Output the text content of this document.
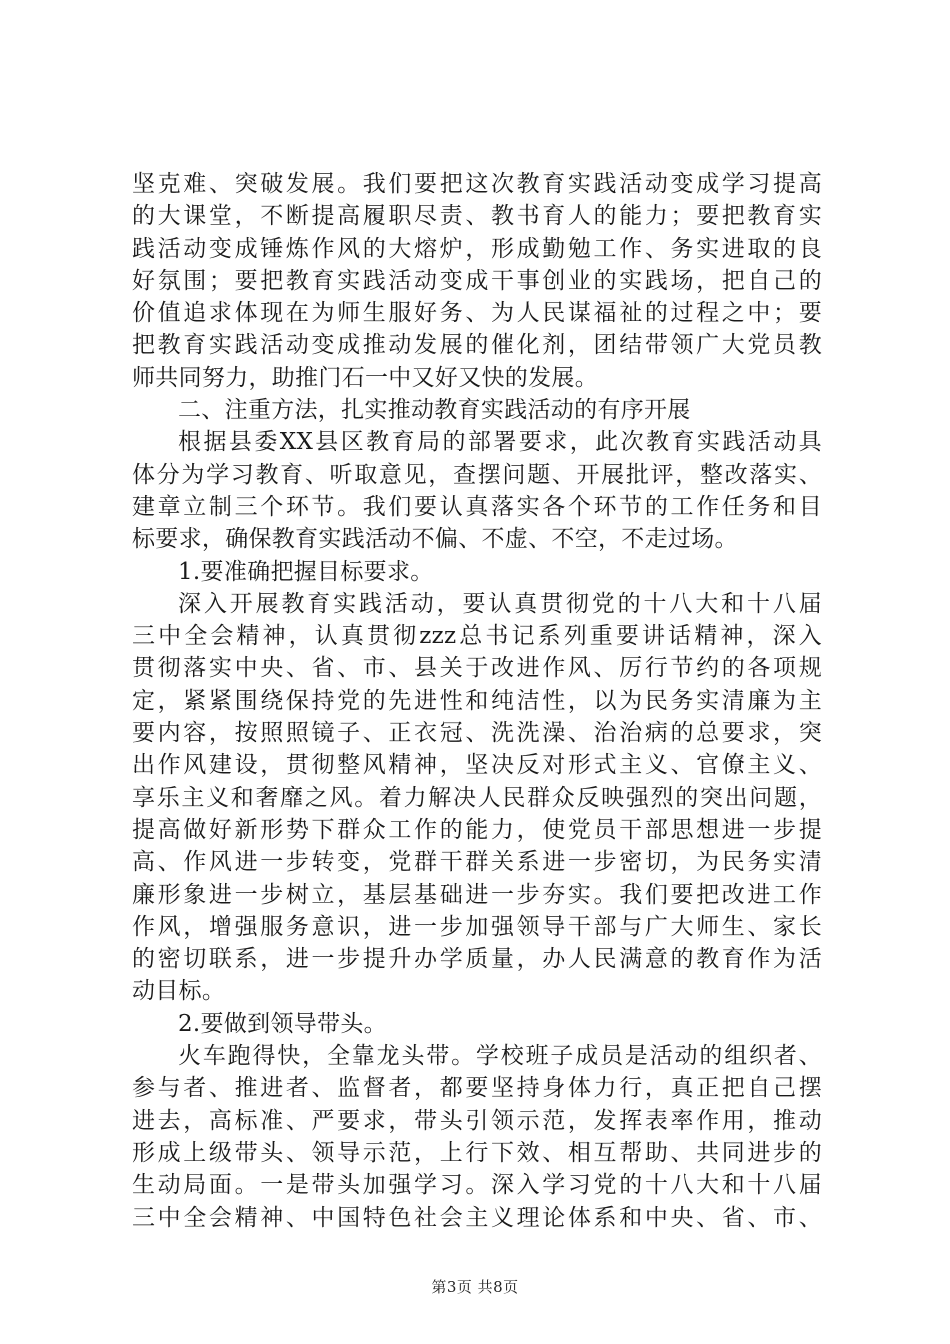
坚克难、突破发展。我们要把这次教育实践活动变成学习提高
的大课堂，不断提高履职尽责、教书育人的能力；要把教育实
践活动变成锤炼作风的大熔炉，形成勤勉工作、务实进取的良
好氛围；要把教育实践活动变成干事创业的实践场，把自己的
价值追求体现在为师生服好务、为人民谋福祉的过程之中；要
把教育实践活动变成推动发展的催化剂，团结带领广大党员教
师共同努力，助推门石一中又好又快的发展。
二、注重方法，扎实推动教育实践活动的有序开展
根据县委XX县区教育局的部署要求，此次教育实践活动具
体分为学习教育、听取意见，查摆问题、开展批评，整改落实、
建章立制三个环节。我们要认真落实各个环节的工作任务和目
标要求，确保教育实践活动不偏、不虚、不空，不走过场。
1.要准确把握目标要求。
深入开展教育实践活动，要认真贯彻党的十八大和十八届
三中全会精神，认真贯彻zzz总书记系列重要讲话精神，深入
贯彻落实中央、省、市、县关于改进作风、厉行节约的各项规
定，紧紧围绕保持党的先进性和纯洁性，以为民务实清廉为主
要内容，按照照镜子、正衣冠、洗洗澡、治治病的总要求，突
出作风建设，贯彻整风精神，坚决反对形式主义、官僚主义、
享乐主义和奢靡之风。着力解决人民群众反映强烈的突出问题，
提高做好新形势下群众工作的能力，使党员干部思想进一步提
高、作风进一步转变，党群干群关系进一步密切，为民务实清
廉形象进一步树立，基层基础进一步夯实。我们要把改进工作
作风，增强服务意识，进一步加强领导干部与广大师生、家长
的密切联系，进一步提升办学质量，办人民满意的教育作为活
动目标。
2.要做到领导带头。
火车跑得快，全靠龙头带。学校班子成员是活动的组织者、
参与者、推进者、监督者，都要坚持身体力行，真正把自己摆
进去，高标准、严要求，带头引领示范，发挥表率作用，推动
形成上级带头、领导示范，上行下效、相互帮助、共同进步的
生动局面。一是带头加强学习。深入学习党的十八大和十八届
三中全会精神、中国特色社会主义理论体系和中央、省、市、
第3页 共8页
